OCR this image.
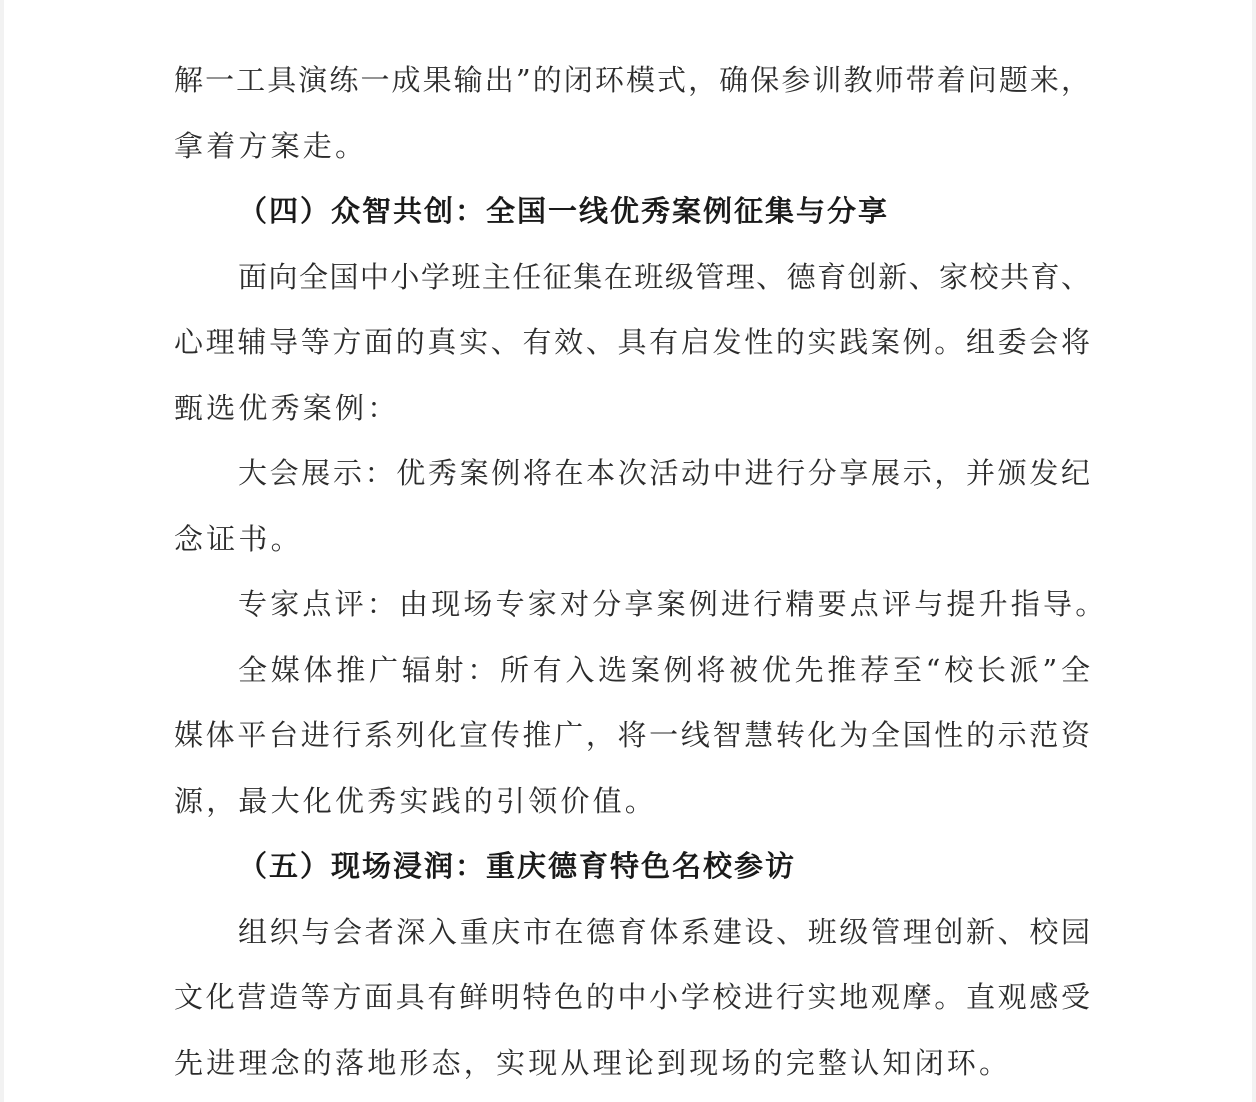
解一工具演练一成果输出”的闭环模式，确保参训教师带着问题来，
拿着方案走。
（四）众智共创：全国一线优秀案例征集与分享
面向全国中小学班主任征集在班级管理、德育创新、家校共育、
心理辅导等方面的真实、有效、具有启发性的实践案例。组委会将
甄选优秀案例：
大会展示：优秀案例将在本次活动中进行分享展示，并颁发纪
念证书。
专家点评：由现场专家对分享案例进行精要点评与提升指导。
全媒体推广辐射：所有入选案例将被优先推荐至“校长派”全
媒体平台进行系列化宣传推广，将一线智慧转化为全国性的示范资
源，最大化优秀实践的引领价值。
（五）现场浸润：重庆德育特色名校参访
组织与会者深入重庆市在德育体系建设、班级管理创新、校园
文化营造等方面具有鲜明特色的中小学校进行实地观摩。直观感受
先进理念的落地形态，实现从理论到现场的完整认知闭环。
